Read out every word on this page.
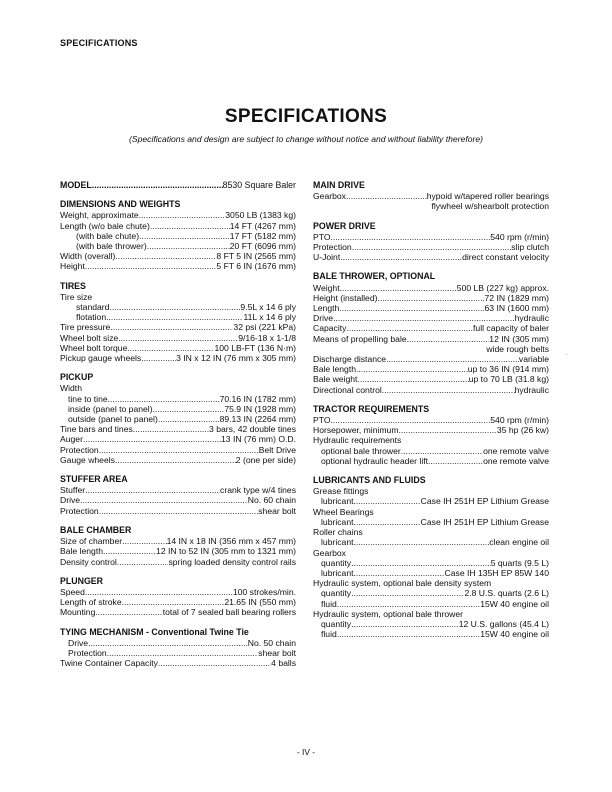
SPECIFICATIONS
SPECIFICATIONS
(Specifications and design are subject to change without notice and without liability therefore)
·
MODEL .....	8530 Square Baler
DIMENSIONS AND WEIGHTS
Weight, approximate .....	3050 LB (1383 kg)
Length (w/o bale chute) .....	14 FT (4267 mm)
(with bale chute) .....	17 FT (5182 mm)
(with bale thrower) .....	20 FT (6096 mm)
Width (overall) .....	8 FT 5 IN (2565 mm)
Height .....	5 FT 6 IN (1676 mm)
TIRES
Tire size
standard .....	9.5L x 14 6 ply
flotation .....	11L x 14 6 ply
Tire pressure .....	32 psi (221 kPa)
Wheel bolt size .....	9/16-18 x 1-1/8
Wheel bolt torque .....	100 LB-FT (136 N·m)
Pickup gauge wheels .....	3 IN x 12 IN (76 mm x 305 mm)
PICKUP
Width
tine to tine .....	70.16 IN (1782 mm)
inside (panel to panel) .....	75.9 IN (1928 mm)
outside (panel to panel) .....	89.13 IN (2264 mm)
Tine bars and tines .....	3 bars, 42 double tines
Auger .....	13 IN (76 mm) O.D.
Protection .....	Belt Drive
Gauge wheels .....	2 (one per side)
STUFFER AREA
Stuffer .....	crank type w/4 tines
Drive .....	No. 60 chain
Protection .....	shear bolt
BALE CHAMBER
Size of chamber .....	14 IN x 18 IN (356 mm x 457 mm)
Bale length .....	12 IN to 52 IN (305 mm to 1321 mm)
Density control .....	spring loaded density control rails
PLUNGER
Speed .....	100 strokes/min.
Length of stroke .....	21.65 IN (550 mm)
Mounting .....	total of 7 sealed ball bearing rollers
TYING MECHANISM - Conventional Twine Tie
Drive .....	No. 50 chain
Protection .....	shear bolt
Twine Container Capacity .....	4 balls
MAIN DRIVE
Gearbox .....	hypoid w/tapered roller bearings
flywheel w/shearbolt protection
POWER DRIVE
PTO .....	540 rpm (r/min)
Protection .....	slip clutch
U-Joint .....	direct constant velocity
BALE THROWER, OPTIONAL
Weight .....	500 LB (227 kg) approx.
Height (installed) .....	72 IN (1829 mm)
Length .....	63 IN (1600 mm)
Drive .....	hydraulic
Capacity .....	full capacity of baler
Means of propelling bale .....	12 IN (305 mm)
wide rough belts
Discharge distance .....	variable
Bale length .....	up to 36 IN (914 mm)
Bale weight .....	up to 70 LB (31.8 kg)
Directional control .....	hydraulic
TRACTOR REQUIREMENTS
PTO .....	540 rpm (r/min)
Horsepower, minimum .....	35 hp (26 kw)
Hydraulic requirements
optional bale thrower .....	one remote valve
optional hydraulic header lift .....	one remote valve
LUBRICANTS AND FLUIDS
Grease fittings
lubricant .....	Case IH 251H EP Lithium Grease
Wheel Bearings
lubricant .....	Case IH 251H EP Lithium Grease
Roller chains
lubricant .....	clean engine oil
Gearbox
quantity .....	5 quarts (9.5 L)
lubricant .....	Case IH 135H EP 85W 140
Hydraulic system, optional bale density system
quantity .....	2.8 U.S. quarts (2.6 L)
fluid .....	15W 40 engine oil
Hydraulic system, optional bale thrower
quantity .....	12 U.S. gallons (45.4 L)
fluid .....	15W 40 engine oil
- IV -
